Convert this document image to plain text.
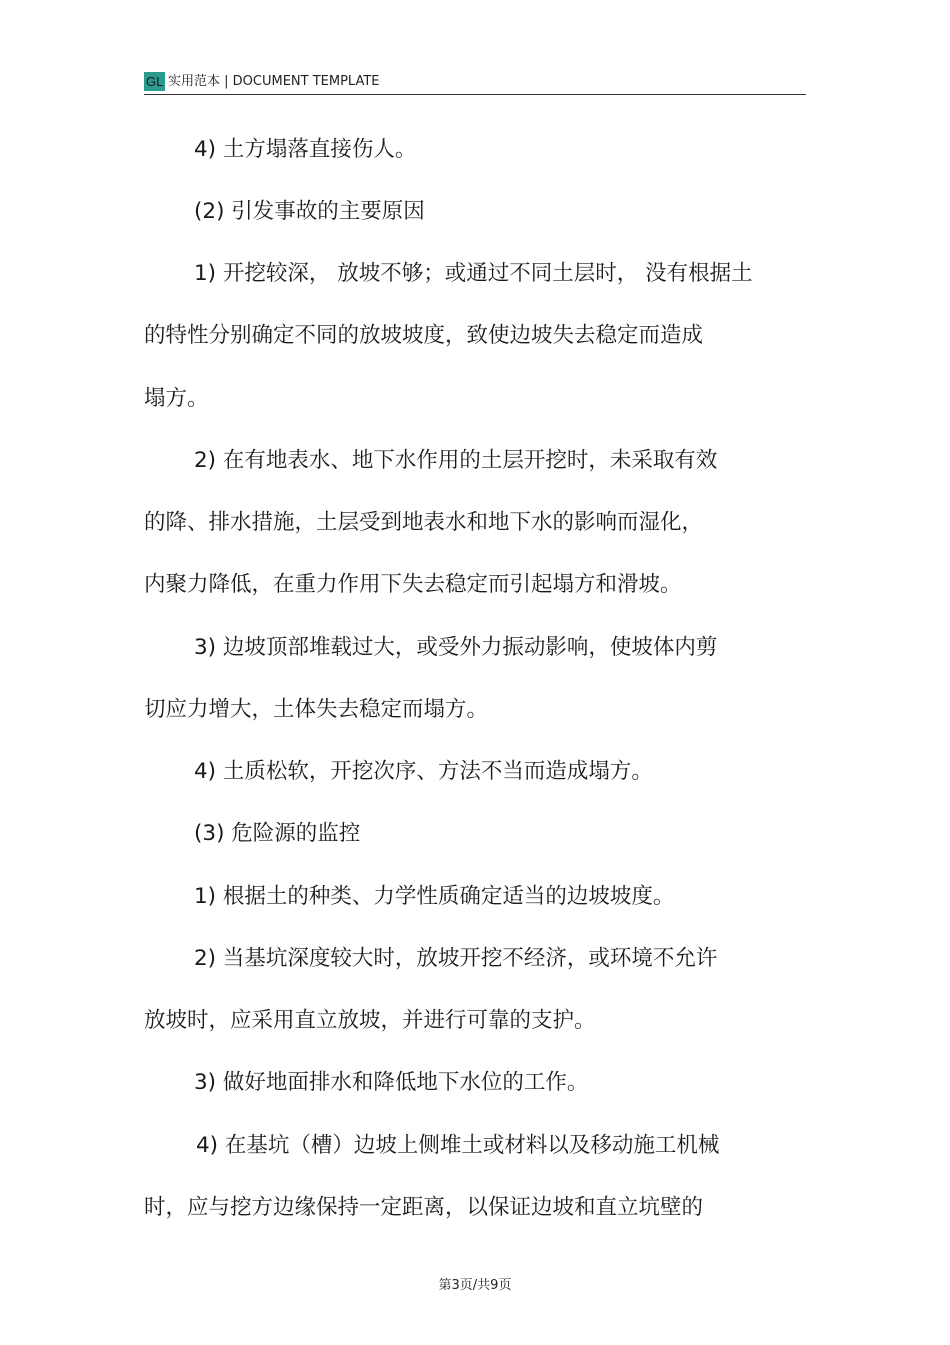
GL 实用范本 | DOCUMENT TEMPLATE
4) 土方塌落直接伤人。
(2) 引发事故的主要原因
1) 开挖较深， 放坡不够；或通过不同土层时， 没有根据土
的特性分别确定不同的放坡坡度，致使边坡失去稳定而造成
塌方。
2) 在有地表水、地下水作用的土层开挖时，未采取有效
的降、排水措施，土层受到地表水和地下水的影响而湿化，
内聚力降低，在重力作用下失去稳定而引起塌方和滑坡。
3) 边坡顶部堆载过大，或受外力振动影响，使坡体内剪
切应力增大，土体失去稳定而塌方。
4) 土质松软，开挖次序、方法不当而造成塌方。
(3) 危险源的监控
1) 根据土的种类、力学性质确定适当的边坡坡度。
2) 当基坑深度较大时，放坡开挖不经济，或环境不允许
放坡时，应采用直立放坡，并进行可靠的支护。
3) 做好地面排水和降低地下水位的工作。
4) 在基坑（槽）边坡上侧堆土或材料以及移动施工机械
时，应与挖方边缘保持一定距离，以保证边坡和直立坑壁的
第3页/共9页
